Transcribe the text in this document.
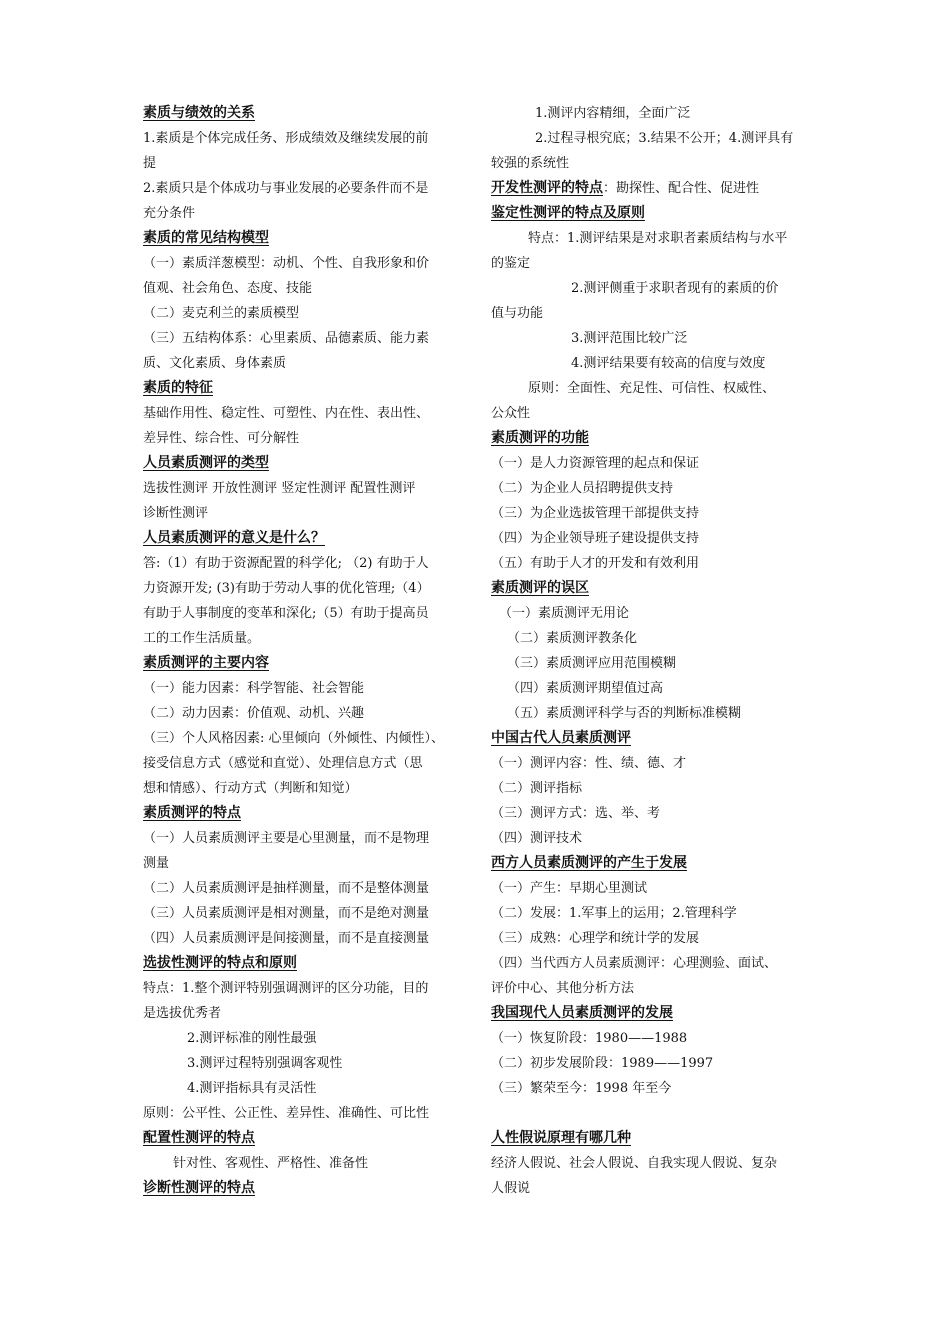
素质与绩效的关系
1.素质是个体完成任务、形成绩效及继续发展的前
提
2.素质只是个体成功与事业发展的必要条件而不是
充分条件
素质的常见结构模型
（一）素质洋葱模型：动机、个性、自我形象和价
值观、社会角色、态度、技能
（二）麦克利兰的素质模型
（三）五结构体系：心里素质、品德素质、能力素
质、文化素质、身体素质
素质的特征
基础作用性、稳定性、可塑性、内在性、表出性、
差异性、综合性、可分解性
人员素质测评的类型
选拔性测评 开放性测评 竖定性测评 配置性测评
诊断性测评
人员素质测评的意义是什么？
答:（1）有助于资源配置的科学化; （2) 有助于人
力资源开发; (3)有助于劳动人事的优化管理;（4）
有助于人事制度的变革和深化;（5）有助于提高员
工的工作生活质量。
素质测评的主要内容
（一）能力因素：科学智能、社会智能
（二）动力因素：价值观、动机、兴趣
（三）个人风格因素: 心里倾向（外倾性、内倾性）、
接受信息方式（感觉和直觉）、处理信息方式（思
想和情感）、行动方式（判断和知觉）
素质测评的特点
（一）人员素质测评主要是心里测量，而不是物理
测量
（二）人员素质测评是抽样测量，而不是整体测量
（三）人员素质测评是相对测量，而不是绝对测量
（四）人员素质测评是间接测量，而不是直接测量
选拔性测评的特点和原则
特点：1.整个测评特别强调测评的区分功能，目的
是选拔优秀者
2.测评标准的刚性最强
3.测评过程特别强调客观性
4.测评指标具有灵活性
原则：公平性、公正性、差异性、准确性、可比性
配置性测评的特点
针对性、客观性、严格性、准备性
诊断性测评的特点
1.测评内容精细，全面广泛
2.过程寻根究底；3.结果不公开；4.测评具有
较强的系统性
开发性测评的特点：勘探性、配合性、促进性
鉴定性测评的特点及原则
特点：1.测评结果是对求职者素质结构与水平
的鉴定
2.测评侧重于求职者现有的素质的价
值与功能
3.测评范围比较广泛
4.测评结果要有较高的信度与效度
原则：全面性、充足性、可信性、权威性、
公众性
素质测评的功能
（一）是人力资源管理的起点和保证
（二）为企业人员招聘提供支持
（三）为企业选拔管理干部提供支持
（四）为企业领导班子建设提供支持
（五）有助于人才的开发和有效利用
素质测评的误区
（一）素质测评无用论
（二）素质测评教条化
（三）素质测评应用范围模糊
（四）素质测评期望值过高
（五）素质测评科学与否的判断标准模糊
中国古代人员素质测评
（一）测评内容：性、绩、德、才
（二）测评指标
（三）测评方式：选、举、考
（四）测评技术
西方人员素质测评的产生于发展
（一）产生：早期心里测试
（二）发展：1.军事上的运用；2.管理科学
（三）成熟：心理学和统计学的发展
（四）当代西方人员素质测评：心理测验、面试、
评价中心、其他分析方法
我国现代人员素质测评的发展
（一）恢复阶段：1980——1988
（二）初步发展阶段：1989——1997
（三）繁荣至今：1998 年至今
人性假说原理有哪几种
经济人假说、社会人假说、自我实现人假说、复杂
人假说
